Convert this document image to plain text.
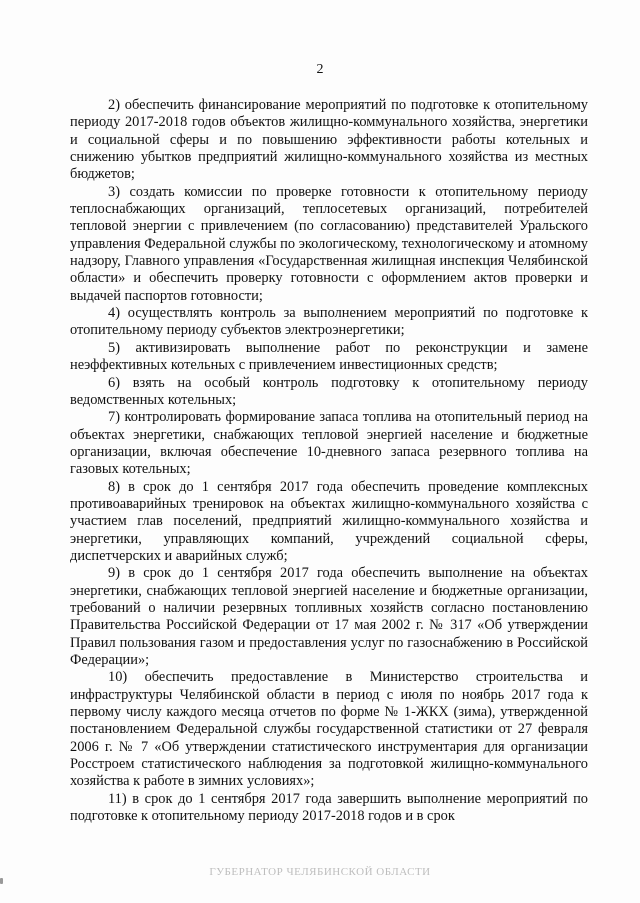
2

2) обеспечить финансирование мероприятий по подготовке к отопительному периоду 2017-2018 годов объектов жилищно-коммунального хозяйства, энергетики и социальной сферы и по повышению эффективности работы котельных и снижению убытков предприятий жилищно-коммунального хозяйства из местных бюджетов;

3) создать комиссии по проверке готовности к отопительному периоду теплоснабжающих организаций, теплосетевых организаций, потребителей тепловой энергии с привлечением (по согласованию) представителей Уральского управления Федеральной службы по экологическому, технологическому и атомному надзору, Главного управления «Государственная жилищная инспекция Челябинской области» и обеспечить проверку готовности с оформлением актов проверки и выдачей паспортов готовности;

4) осуществлять контроль за выполнением мероприятий по подготовке к отопительному периоду субъектов электроэнергетики;

5) активизировать выполнение работ по реконструкции и замене неэффективных котельных с привлечением инвестиционных средств;

6) взять на особый контроль подготовку к отопительному периоду ведомственных котельных;

7) контролировать формирование запаса топлива на отопительный период на объектах энергетики, снабжающих тепловой энергией население и бюджетные организации, включая обеспечение 10-дневного запаса резервного топлива на газовых котельных;

8) в срок до 1 сентября 2017 года обеспечить проведение комплексных противоаварийных тренировок на объектах жилищно-коммунального хозяйства с участием глав поселений, предприятий жилищно-коммунального хозяйства и энергетики, управляющих компаний, учреждений социальной сферы, диспетчерских и аварийных служб;

9) в срок до 1 сентября 2017 года обеспечить выполнение на объектах энергетики, снабжающих тепловой энергией население и бюджетные организации, требований о наличии резервных топливных хозяйств согласно постановлению Правительства Российской Федерации от 17 мая 2002 г. № 317 «Об утверждении Правил пользования газом и предоставления услуг по газоснабжению в Российской Федерации»;

10) обеспечить предоставление в Министерство строительства и инфраструктуры Челябинской области в период с июля по ноябрь 2017 года к первому числу каждого месяца отчетов по форме № 1-ЖКХ (зима), утвержденной постановлением Федеральной службы государственной статистики от 27 февраля 2006 г. № 7 «Об утверждении статистического инструментария для организации Росстроем статистического наблюдения за подготовкой жилищно-коммунального хозяйства к работе в зимних условиях»;

11) в срок до 1 сентября 2017 года завершить выполнение мероприятий по подготовке к отопительному периоду 2017-2018 годов и в срок

ГУБЕРНАТОР ЧЕЛЯБИНСКОЙ ОБЛАСТИ
